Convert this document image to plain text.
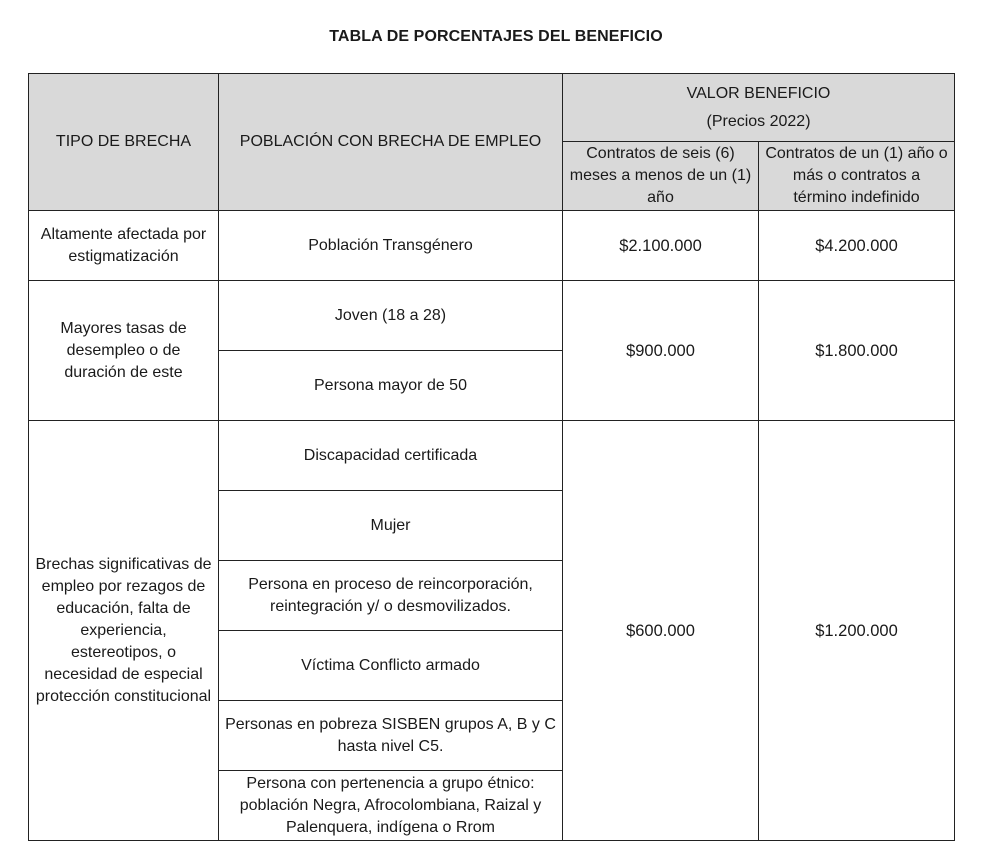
TABLA DE PORCENTAJES DEL BENEFICIO
TIPO DE BRECHA	POBLACIÓN CON BRECHA DE EMPLEO	VALOR BENEFICIO
(Precios 2022)	

		Contratos de seis (6) meses a menos de un (1) año	Contratos de un (1) año o más o contratos a término indefinido
Altamente afectada por estigmatización	Población Transgénero	$2.100.000	$4.200.000
Mayores tasas de desempleo o de duración de este	Joven (18 a 28)	$900.000	$1.800.000
	Persona mayor de 50		
Brechas significativas de empleo por rezagos de educación, falta de experiencia, estereotipos, o necesidad de especial protección constitucional	Discapacidad certificada	$600.000	$1.200.000
	Mujer		
	Persona en proceso de reincorporación, reintegración y/ o desmovilizados.		
	Víctima Conflicto armado		
	Personas en pobreza SISBEN grupos A, B y C hasta nivel C5.		
	Persona con pertenencia a grupo étnico: población Negra, Afrocolombiana, Raizal y Palenquera, indígena o Rrom		
